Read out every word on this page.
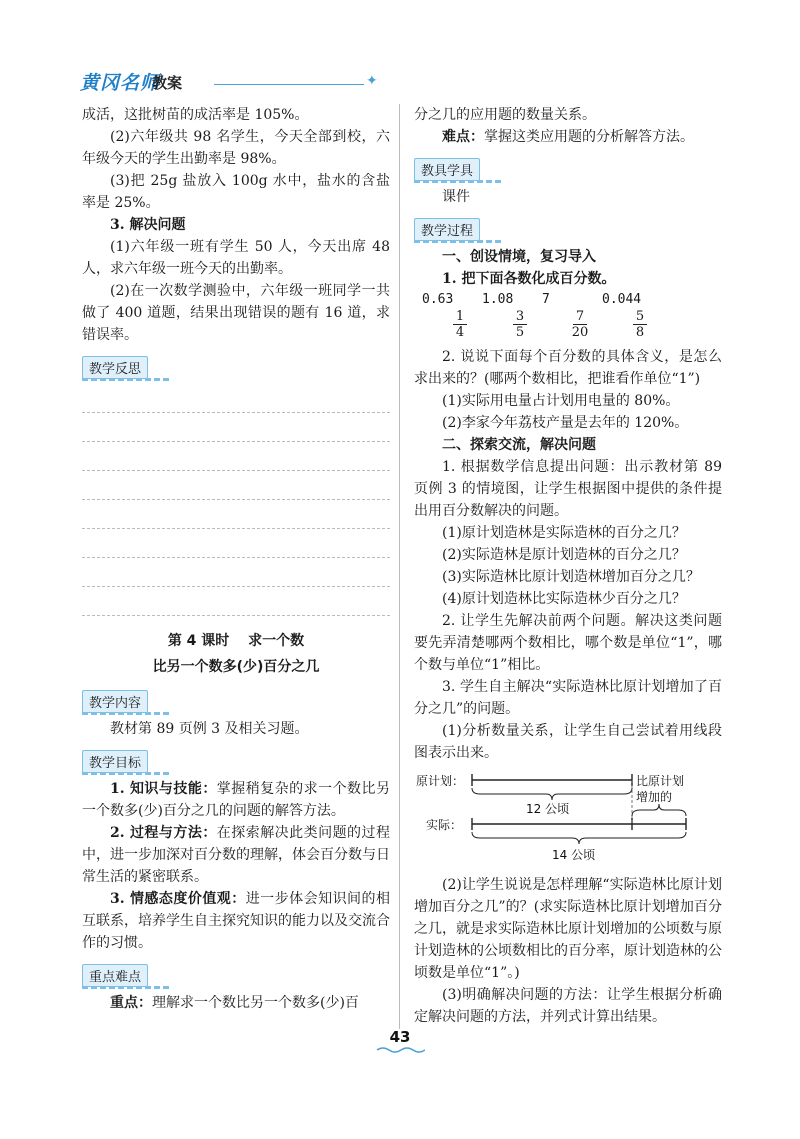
黄冈名师
教案	✦

成活，这批树苗的成活率是 105%。

(2)六年级共 98 名学生，今天全部到校，六年级今天的学生出勤率是 98%。

(3)把 25g 盐放入 100g 水中，盐水的含盐率是 25%。

3. 解决问题

(1)六年级一班有学生 50 人，今天出席 48 人，求六年级一班今天的出勤率。

(2)在一次数学测验中，六年级一班同学一共做了 400 道题，结果出现错误的题有 16 道，求错误率。

教学反思
第 4 课时　 求一个数
比另一个数多(少)百分之几
教学内容

教材第 89 页例 3 及相关习题。

教学目标

1. 知识与技能：掌握稍复杂的求一个数比另一个数多(少)百分之几的问题的解答方法。

2. 过程与方法：在探索解决此类问题的过程中，进一步加深对百分数的理解，体会百分数与日常生活的紧密联系。

3. 情感态度价值观：进一步体会知识间的相互联系，培养学生自主探究知识的能力以及交流合作的习惯。

重点难点

重点：理解求一个数比另一个数多(少)百

分之几的应用题的数量关系。

难点：掌握这类应用题的分析解答方法。

教具学具

课件

教学过程

一、创设情境，复习导入

1. 把下面各数化成百分数。

0.63	1.08	7	0.044
$\frac{1}{4} \frac{3}{5} \frac{7}{20} \frac{5}{8}$

2. 说说下面每个百分数的具体含义，是怎么求出来的？(哪两个数相比，把谁看作单位“1”)

(1)实际用电量占计划用电量的 80%。

(2)李家今年荔枝产量是去年的 120%。

二、探索交流，解决问题

1. 根据数学信息提出问题：出示教材第 89 页例 3 的情境图，让学生根据图中提供的条件提出用百分数解决的问题。

(1)原计划造林是实际造林的百分之几？

(2)实际造林是原计划造林的百分之几？

(3)实际造林比原计划造林增加百分之几？

(4)原计划造林比实际造林少百分之几？

2. 让学生先解决前两个问题。解决这类问题要先弄清楚哪两个数相比，哪个数是单位“1”，哪个数与单位“1”相比。

3. 学生自主解决“实际造林比原计划增加了百分之几”的问题。

(1)分析数量关系，让学生自己尝试着用线段图表示出来。

原计划：
实际：
12 公顷
14 公顷
比原计划
增加的

(2)让学生说说是怎样理解“实际造林比原计划增加百分之几”的？(求实际造林比原计划增加百分之几，就是求实际造林比原计划增加的公顷数与原计划造林的公顷数相比的百分率，原计划造林的公顷数是单位“1”。)

(3)明确解决问题的方法：让学生根据分析确定解决问题的方法，并列式计算出结果。

43
